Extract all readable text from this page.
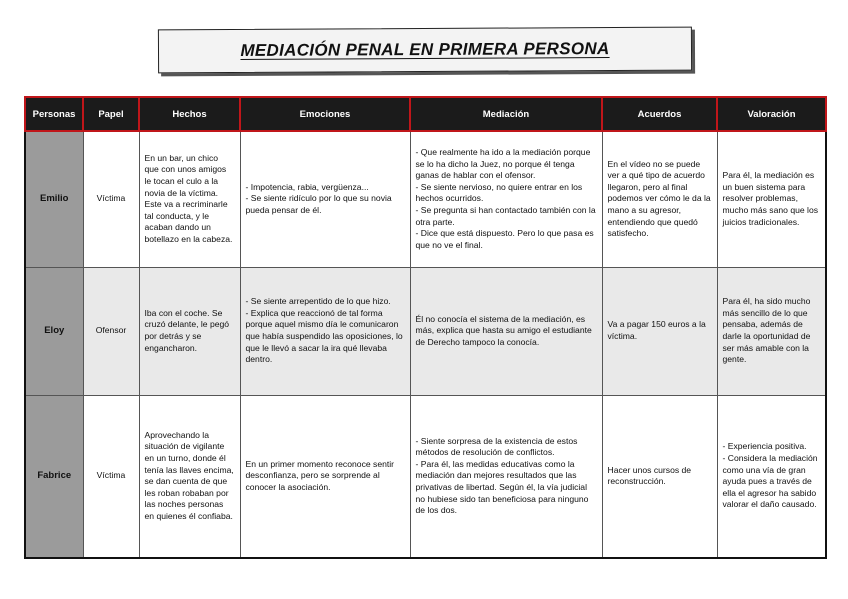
MEDIACIÓN PENAL EN PRIMERA PERSONA
Personas	Papel	Hechos	Emociones	Mediación	Acuerdos	Valoración
Emilio	Víctima	En un bar, un chico que con unos amigos le tocan el culo a la novia de la víctima. Este va a recriminarle tal conducta, y le acaban dando un botellazo en la cabeza.	- Impotencia, rabia, vergüenza...
- Se siente ridículo por lo que su novia pueda pensar de él.	- Que realmente ha ido a la mediación porque se lo ha dicho la Juez, no porque él tenga ganas de hablar con el ofensor.
- Se siente nervioso, no quiere entrar en los hechos ocurridos.
- Se pregunta si han contactado también con la otra parte.
- Dice que está dispuesto. Pero lo que pasa es que no ve el final.	En el vídeo no se puede ver a qué tipo de acuerdo llegaron, pero al final podemos ver cómo le da la mano a su agresor, entendiendo que quedó satisfecho.	Para él, la mediación es un buen sistema para resolver problemas, mucho más sano que los juicios tradicionales.

Eloy	Ofensor	Iba con el coche. Se cruzó delante, le pegó por detrás y se engancharon.	- Se siente arrepentido de lo que hizo.
- Explica que reaccionó de tal forma porque aquel mismo día le comunicaron que había suspendido las oposiciones, lo que le llevó a sacar la ira qué llevaba dentro.	Él no conocía el sistema de la mediación, es más, explica que hasta su amigo el estudiante de Derecho tampoco la conocía.	Va a pagar 150 euros a la víctima.	Para él, ha sido mucho más sencillo de lo que pensaba, además de darle la oportunidad de ser más amable con la gente.

Fabrice	Víctima	Aprovechando la situación de vigilante en un turno, donde él tenía las llaves encima, se dan cuenta de que les roban robaban por las noches personas en quienes él confiaba.	En un primer momento reconoce sentir desconfianza, pero se sorprende al conocer la asociación.	- Siente sorpresa de la existencia de estos métodos de resolución de conflictos.
- Para él, las medidas educativas como la mediación dan mejores resultados que las privativas de libertad. Según él, la vía judicial no hubiese sido tan beneficiosa para ninguno de los dos.	Hacer unos cursos de reconstrucción.	- Experiencia positiva.
- Considera la mediación como una vía de gran ayuda pues a través de ella el agresor ha sabido valorar el daño causado.
